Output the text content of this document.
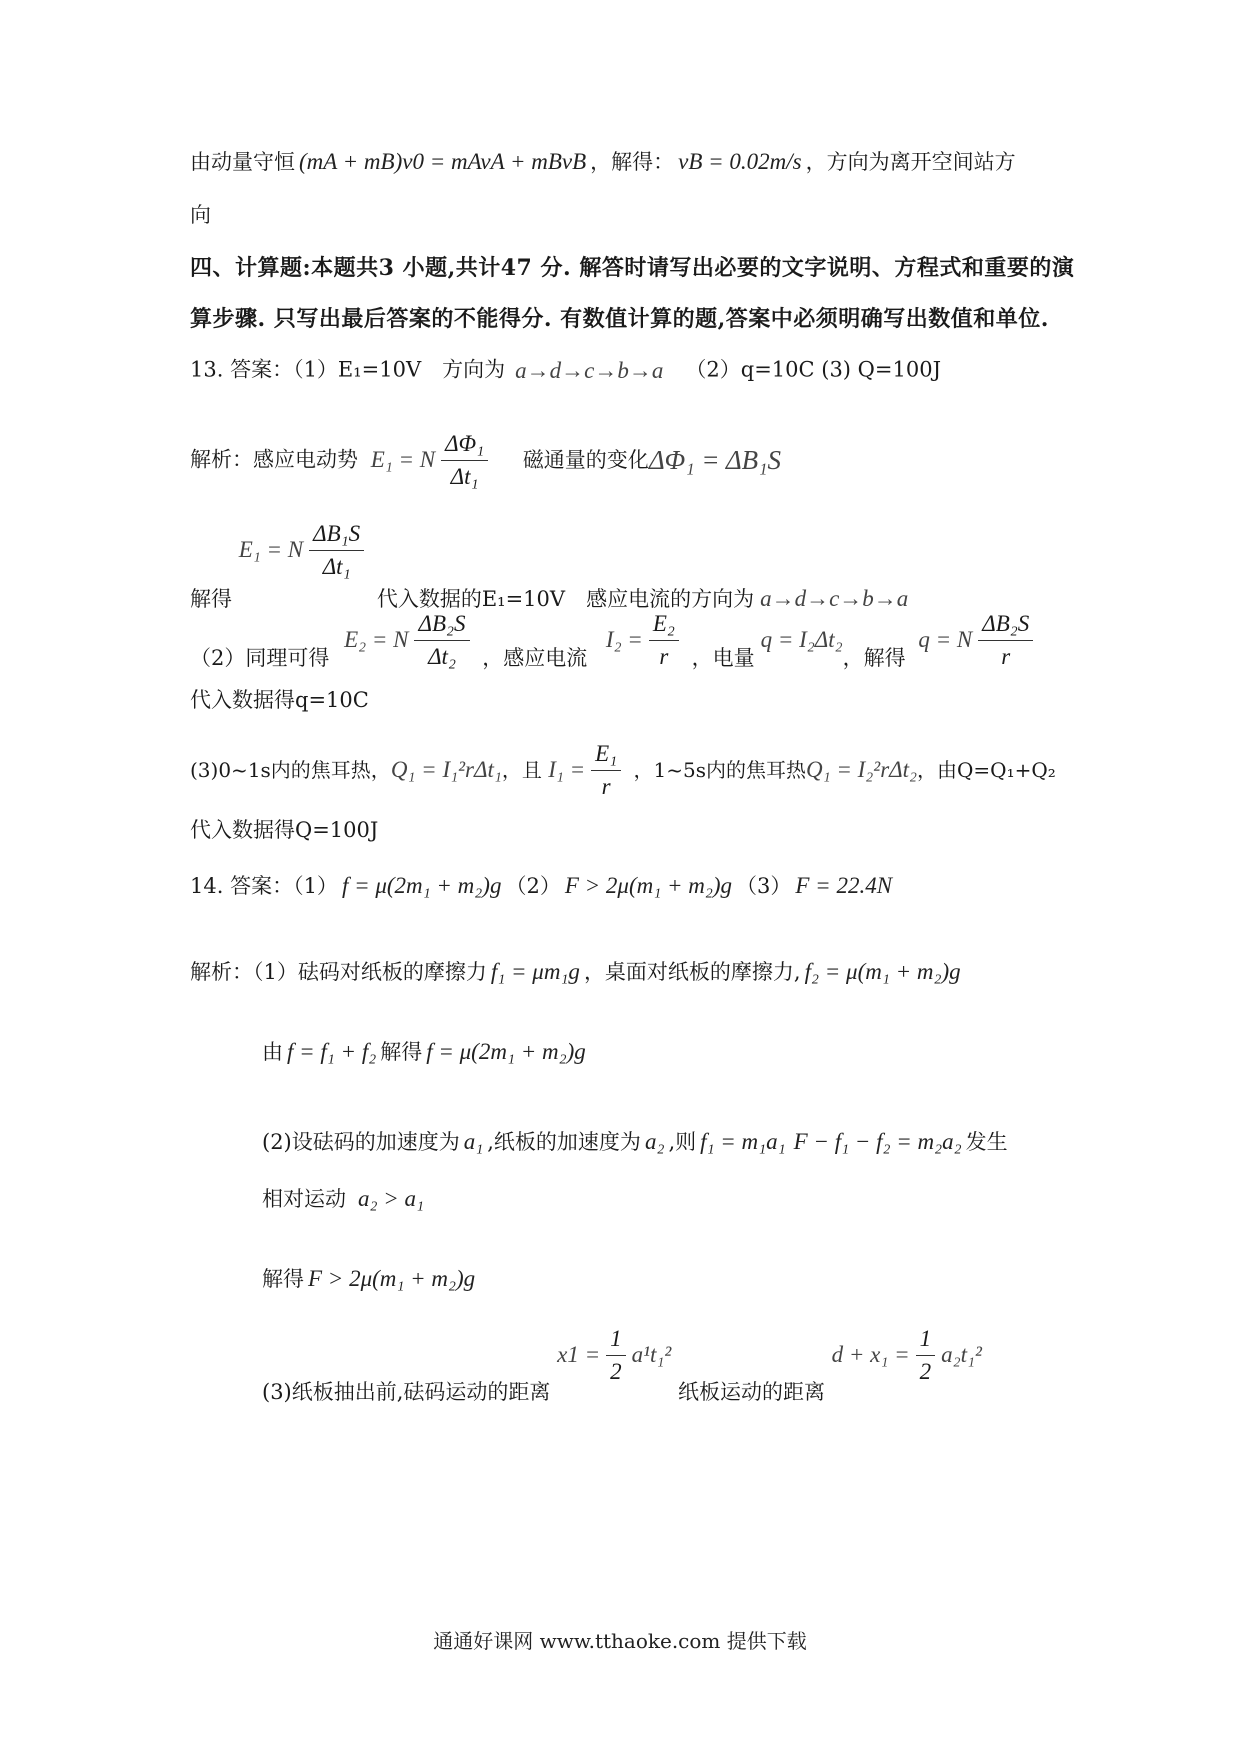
由动量守恒 (mA + mB)v0 = mAvA + mBvB ，解得： vB = 0.02m/s ，方向为离开空间站方
向
四、计算题:本题共3 小题,共计47 分. 解答时请写出必要的文字说明、方程式和重要的演
算步骤. 只写出最后答案的不能得分. 有数值计算的题,答案中必须明确写出数值和单位.
13. 答案：（1）E₁=10V　方向为 a→d→c→b→a （2）q=10C (3) Q=100J
解析：感应电动势 E₁ = N $\frac{\text{ΔΦ₁}}{\text{Δt₁}}$ 磁通量的变化ΔΦ₁ = ΔB₁S
解得 E₁ = N $\frac{\text{ΔB₁S}}{\text{Δt₁}}$
代入数据的E₁=10V　感应电流的方向为 a→d→c→b→a
（2）同理可得 E₂ = N $\frac{\text{ΔB₂S}}{\text{Δt₂}}$ ，感应电流 $I_2 = \frac{\text{E₂}}{r}$ ，电量q = I₂Δt₂，解得 q = N $\frac{\text{ΔB₂S}}{r}$
代入数据得q=10C
(3)0~1s内的焦耳热，Q₁ = I₁²rΔt₁，且 $I_1 = \frac{\text{E₁}}{r}$ ，1~5s内的焦耳热Q₁ = I₂²rΔt₂，由Q=Q₁+Q₂
代入数据得Q=100J
14. 答案：（1） f = μ(2m₁ + m₂)g （2） F > 2μ(m₁ + m₂)g （3） F = 22.4N
解析：（1）砝码对纸板的摩擦力 f₁ = μm₁g ，桌面对纸板的摩擦力, f₂ = μ(m₁ + m₂)g
由 f = f₁ + f₂ 解得 f = μ(2m₁ + m₂)g
(2)设砝码的加速度为 a₁ ,纸板的加速度为 a₂ ,则 f₁ = m₁a₁ F − f₁ − f₂ = m₂a₂ 发生
相对运动 a₂ > a₁
解得 F > 2μ(m₁ + m₂)g
(3)纸板抽出前,砝码运动的距离 $x1 = \frac{1}{2} a^1t_1^2$ 纸板运动的距离 $d + x_1 = \frac{1}{2} a_2t_1^2$
通通好课网 www.tthaoke.com 提供下载
